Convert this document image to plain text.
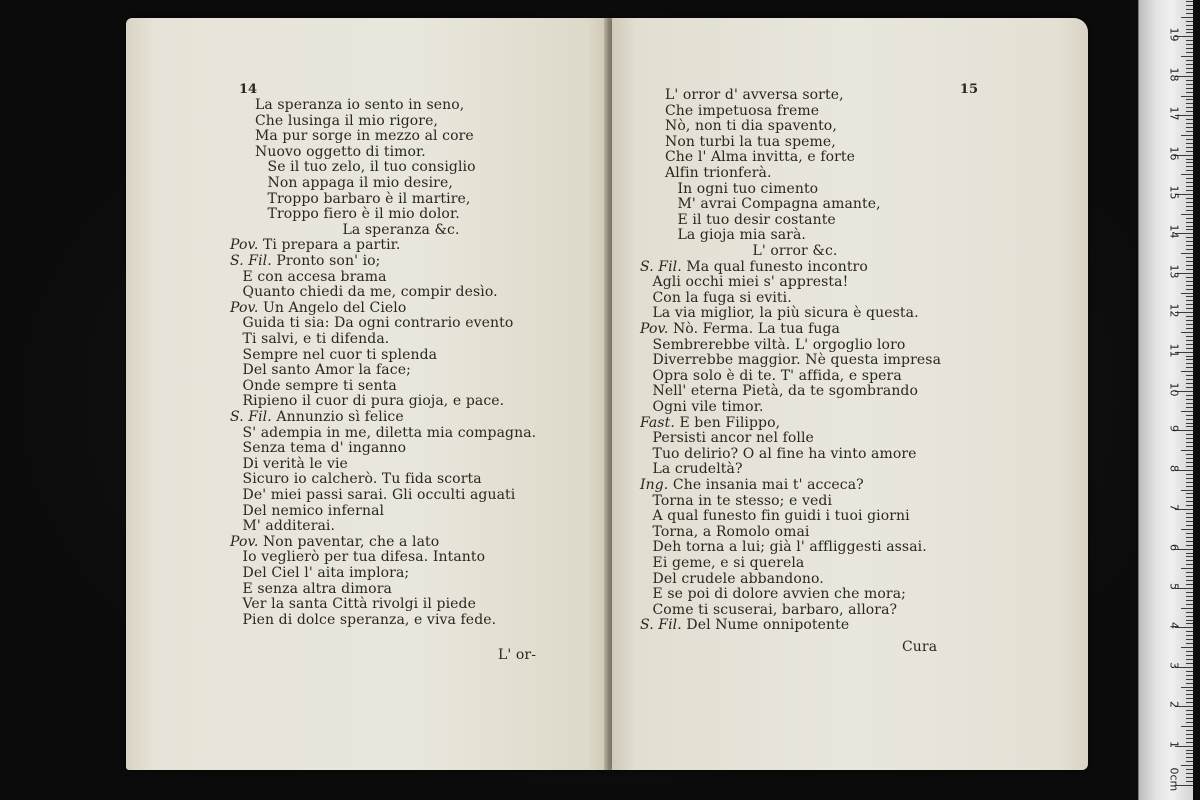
14
La speranza io sento in seno,
Che lusinga il mio rigore,
Ma pur sorge in mezzo al core
Nuovo oggetto di timor.
Se il tuo zelo, il tuo consiglio
Non appaga il mio desire,
Troppo barbaro è il martire,
Troppo fiero è il mio dolor.
La speranza &c.
Pov. Ti prepara a partir.
S. Fil. Pronto son' io;
E con accesa brama
Quanto chiedi da me, compir desìo.
Pov. Un Angelo del Cielo
Guida ti sia: Da ogni contrario evento
Ti salvi, e ti difenda.
Sempre nel cuor ti splenda
Del santo Amor la face;
Onde sempre ti senta
Ripieno il cuor di pura gioja, e pace.
S. Fil. Annunzio sì felice
S' adempia in me, diletta mia compagna.
Senza tema d' inganno
Di verità le vie
Sicuro io calcherò. Tu fida scorta
De' miei passi sarai. Gli occulti aguati
Del nemico infernal
M' additerai.
Pov. Non paventar, che a lato
Io veglierò per tua difesa. Intanto
Del Ciel l' aita implora;
E senza altra dimora
Ver la santa Città rivolgi il piede
Pien di dolce speranza, e viva fede.
L' or-
15
L' orror d' avversa sorte,
Che impetuosa freme
Nò, non ti dia spavento,
Non turbi la tua speme,
Che l' Alma invitta, e forte
Alfin trionferà.
In ogni tuo cimento
M' avrai Compagna amante,
E il tuo desir costante
La gioja mia sarà.
L' orror &c.
S. Fil. Ma qual funesto incontro
Agli occhi miei s' appresta!
Con la fuga si eviti.
La via miglior, la più sicura è questa.
Pov. Nò. Ferma. La tua fuga
Sembrerebbe viltà. L' orgoglio loro
Diverrebbe maggior. Nè questa impresa
Opra solo è di te. T' affida, e spera
Nell' eterna Pietà, da te sgombrando
Ogni vile timor.
Fast. E ben Filippo,
Persisti ancor nel folle
Tuo delirio? O al fine ha vinto amore
La crudeltà?
Ing. Che insania mai t' acceca?
Torna in te stesso; e vedi
A qual funesto fin guidi i tuoi giorni
Torna, a Romolo omai
Deh torna a lui; già l' affliggesti assai.
Ei geme, e si querela
Del crudele abbandono.
E se poi di dolore avvien che mora;
Come ti scuserai, barbaro, allora?
S. Fil. Del Nume onnipotente
Cura
0cm
1
2
3
4
5
6
7
8
9
10
11
12
13
14
15
16
17
18
19
